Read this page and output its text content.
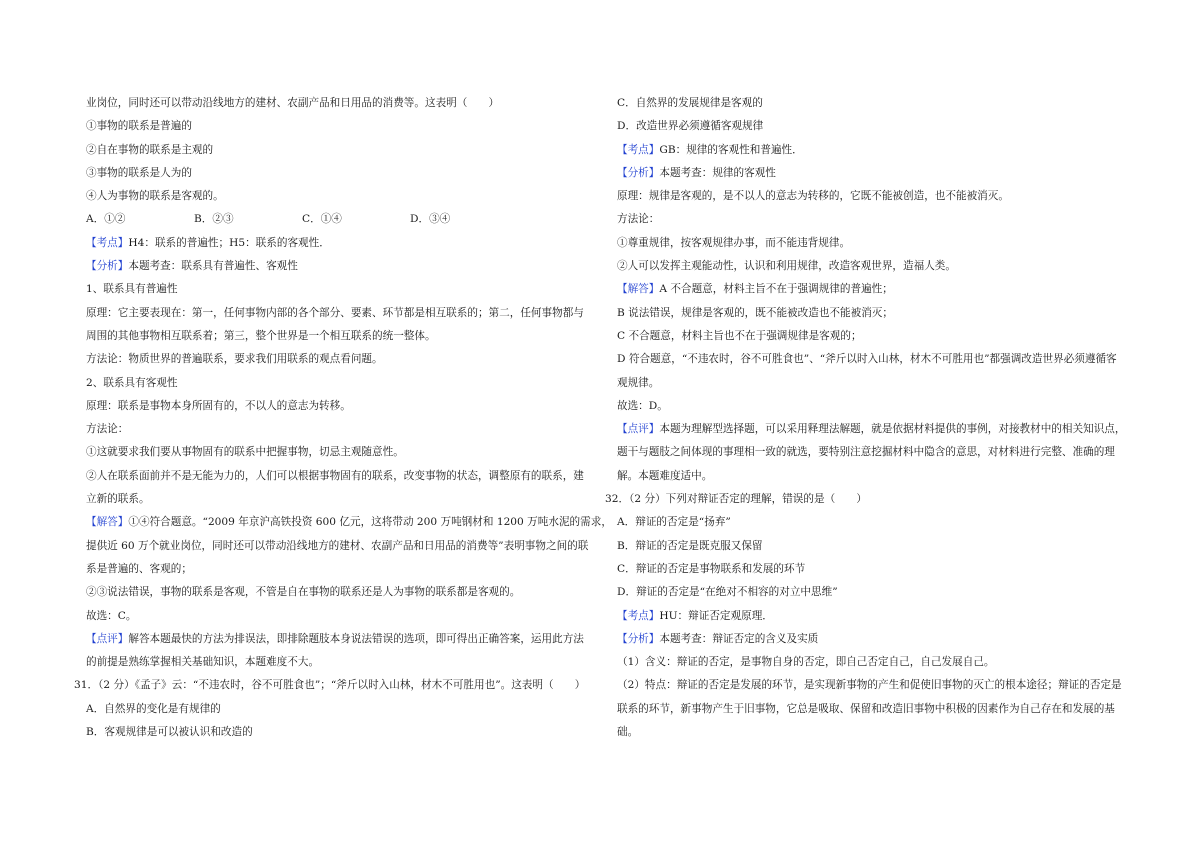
业岗位，同时还可以带动沿线地方的建材、农副产品和日用品的消费等。这表明（　　）

①事物的联系是普遍的

②自在事物的联系是主观的

③事物的联系是人为的

④人为事物的联系是客观的。

A．①②	B．②③	C．①④	D．③④

【考点】H4：联系的普遍性；H5：联系的客观性．

【分析】本题考查：联系具有普遍性、客观性

1、联系具有普遍性

原理：它主要表现在：第一，任何事物内部的各个部分、要素、环节都是相互联系的；第二，任何事物都与

周围的其他事物相互联系着；第三，整个世界是一个相互联系的统一整体。

方法论：物质世界的普遍联系，要求我们用联系的观点看问题。

2、联系具有客观性

原理：联系是事物本身所固有的，不以人的意志为转移。

方法论：

①这就要求我们要从事物固有的联系中把握事物，切忌主观随意性。

②人在联系面前并不是无能为力的，人们可以根据事物固有的联系，改变事物的状态，调整原有的联系，建

立新的联系。

【解答】①④符合题意。“2009 年京沪高铁投资 600 亿元，这将带动 200 万吨钢材和 1200 万吨水泥的需求，

提供近 60 万个就业岗位，同时还可以带动沿线地方的建材、农副产品和日用品的消费等”表明事物之间的联

系是普遍的、客观的；

②③说法错误，事物的联系是客观，不管是自在事物的联系还是人为事物的联系都是客观的。

故选：C。

【点评】解答本题最快的方法为排误法，即排除题肢本身说法错误的选项，即可得出正确答案，运用此方法

的前提是熟练掌握相关基础知识，本题难度不大。

31．（2 分）《孟子》云：“不违农时，谷不可胜食也”；“斧斤以时入山林，材木不可胜用也”。这表明（　　）

A．自然界的变化是有规律的

B．客观规律是可以被认识和改造的

C．自然界的发展规律是客观的

D．改造世界必须遵循客观规律

【考点】GB：规律的客观性和普遍性．

【分析】本题考查：规律的客观性

原理：规律是客观的，是不以人的意志为转移的，它既不能被创造，也不能被消灭。

方法论：

①尊重规律，按客观规律办事，而不能违背规律。

②人可以发挥主观能动性，认识和利用规律，改造客观世界，造福人类。

【解答】A 不合题意，材料主旨不在于强调规律的普遍性；

B 说法错误，规律是客观的，既不能被改造也不能被消灭；

C 不合题意，材料主旨也不在于强调规律是客观的；

D 符合题意，“不违农时，谷不可胜食也”、“斧斤以时入山林，材木不可胜用也”都强调改造世界必须遵循客

观规律。

故选：D。

【点评】本题为理解型选择题，可以采用释理法解题，就是依据材料提供的事例，对接教材中的相关知识点，

题干与题肢之间体现的事理相一致的就选，要特别注意挖掘材料中隐含的意思，对材料进行完整、准确的理

解。本题难度适中。

32．（2 分）下列对辩证否定的理解，错误的是（　　）

A．辩证的否定是“扬弃”

B．辩证的否定是既克服又保留

C．辩证的否定是事物联系和发展的环节

D．辩证的否定是“在绝对不相容的对立中思维”

【考点】HU：辩证否定观原理．

【分析】本题考查：辩证否定的含义及实质

（1）含义：辩证的否定，是事物自身的否定，即自己否定自己，自己发展自己。

（2）特点：辩证的否定是发展的环节，是实现新事物的产生和促使旧事物的灭亡的根本途径；辩证的否定是

联系的环节，新事物产生于旧事物，它总是吸取、保留和改造旧事物中积极的因素作为自己存在和发展的基

础。
